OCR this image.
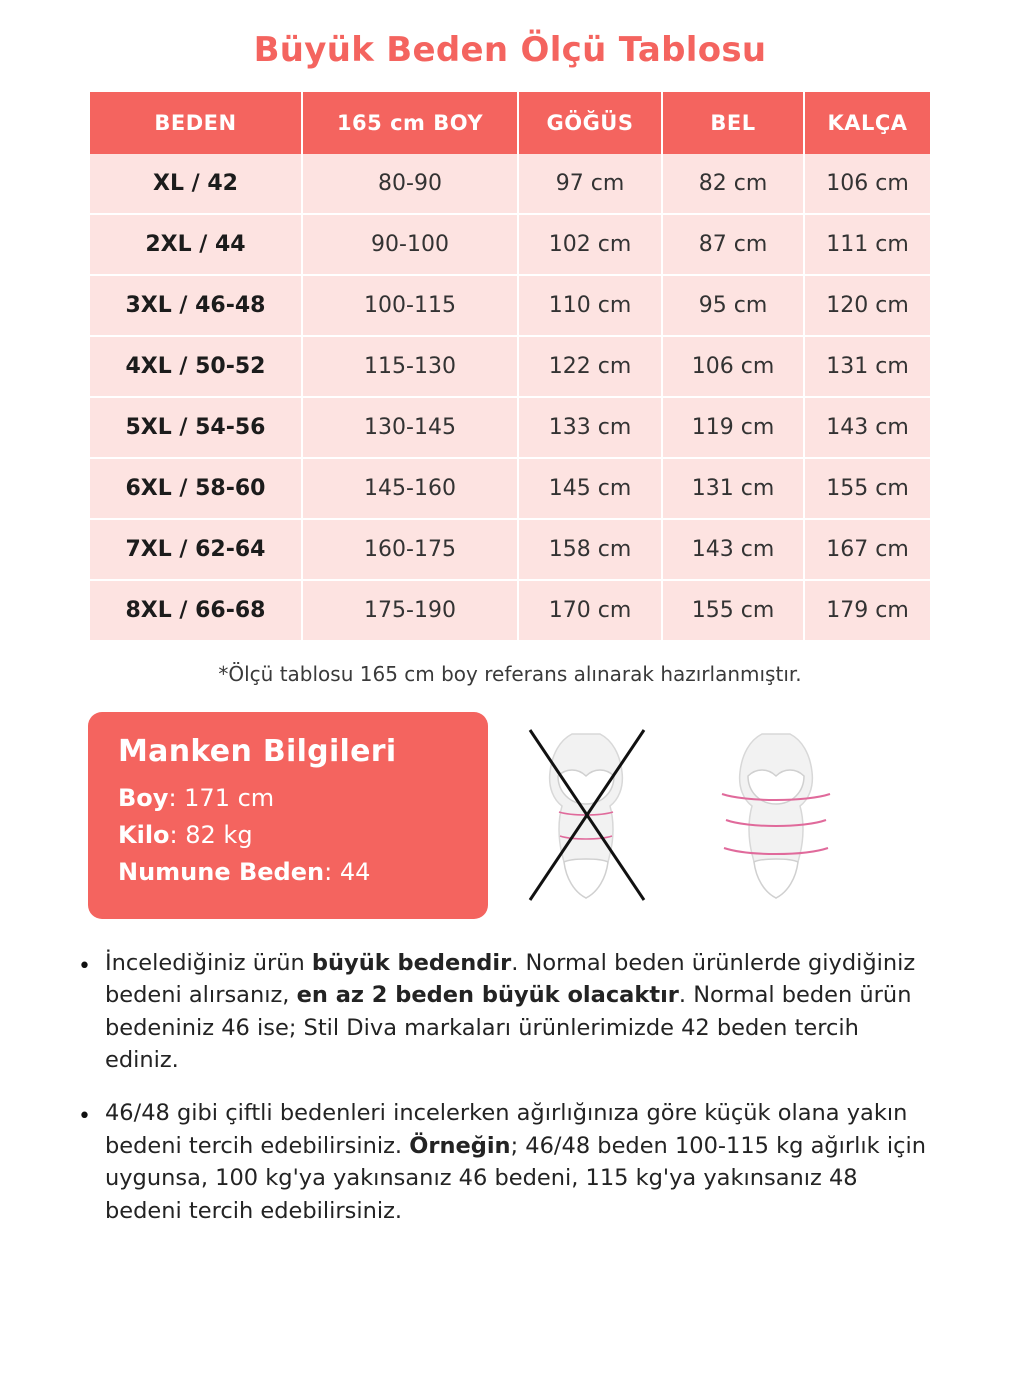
Büyük Beden Ölçü Tablosu
BEDEN	165 cm BOY	GÖĞÜS	BEL	KALÇA
XL / 42	80-90	97 cm	82 cm	106 cm
2XL / 44	90-100	102 cm	87 cm	111 cm
3XL / 46-48	100-115	110 cm	95 cm	120 cm
4XL / 50-52	115-130	122 cm	106 cm	131 cm
5XL / 54-56	130-145	133 cm	119 cm	143 cm
6XL / 58-60	145-160	145 cm	131 cm	155 cm
7XL / 62-64	160-175	158 cm	143 cm	167 cm
8XL / 66-68	175-190	170 cm	155 cm	179 cm
*Ölçü tablosu 165 cm boy referans alınarak hazırlanmıştır.
Manken Bilgileri
Boy: 171 cm
Kilo: 82 kg
Numune Beden: 44
• İncelediğiniz ürün büyük bedendir. Normal beden ürünlerde giydiğiniz bedeni alırsanız, en az 2 beden büyük olacaktır. Normal beden ürün bedeniniz 46 ise; Stil Diva markaları ürünlerimizde 42 beden tercih ediniz.
• 46/48 gibi çiftli bedenleri incelerken ağırlığınıza göre küçük olana yakın bedeni tercih edebilirsiniz. Örneğin; 46/48 beden 100-115 kg ağırlık için uygunsa, 100 kg'ya yakınsanız 46 bedeni, 115 kg'ya yakınsanız 48 bedeni tercih edebilirsiniz.
